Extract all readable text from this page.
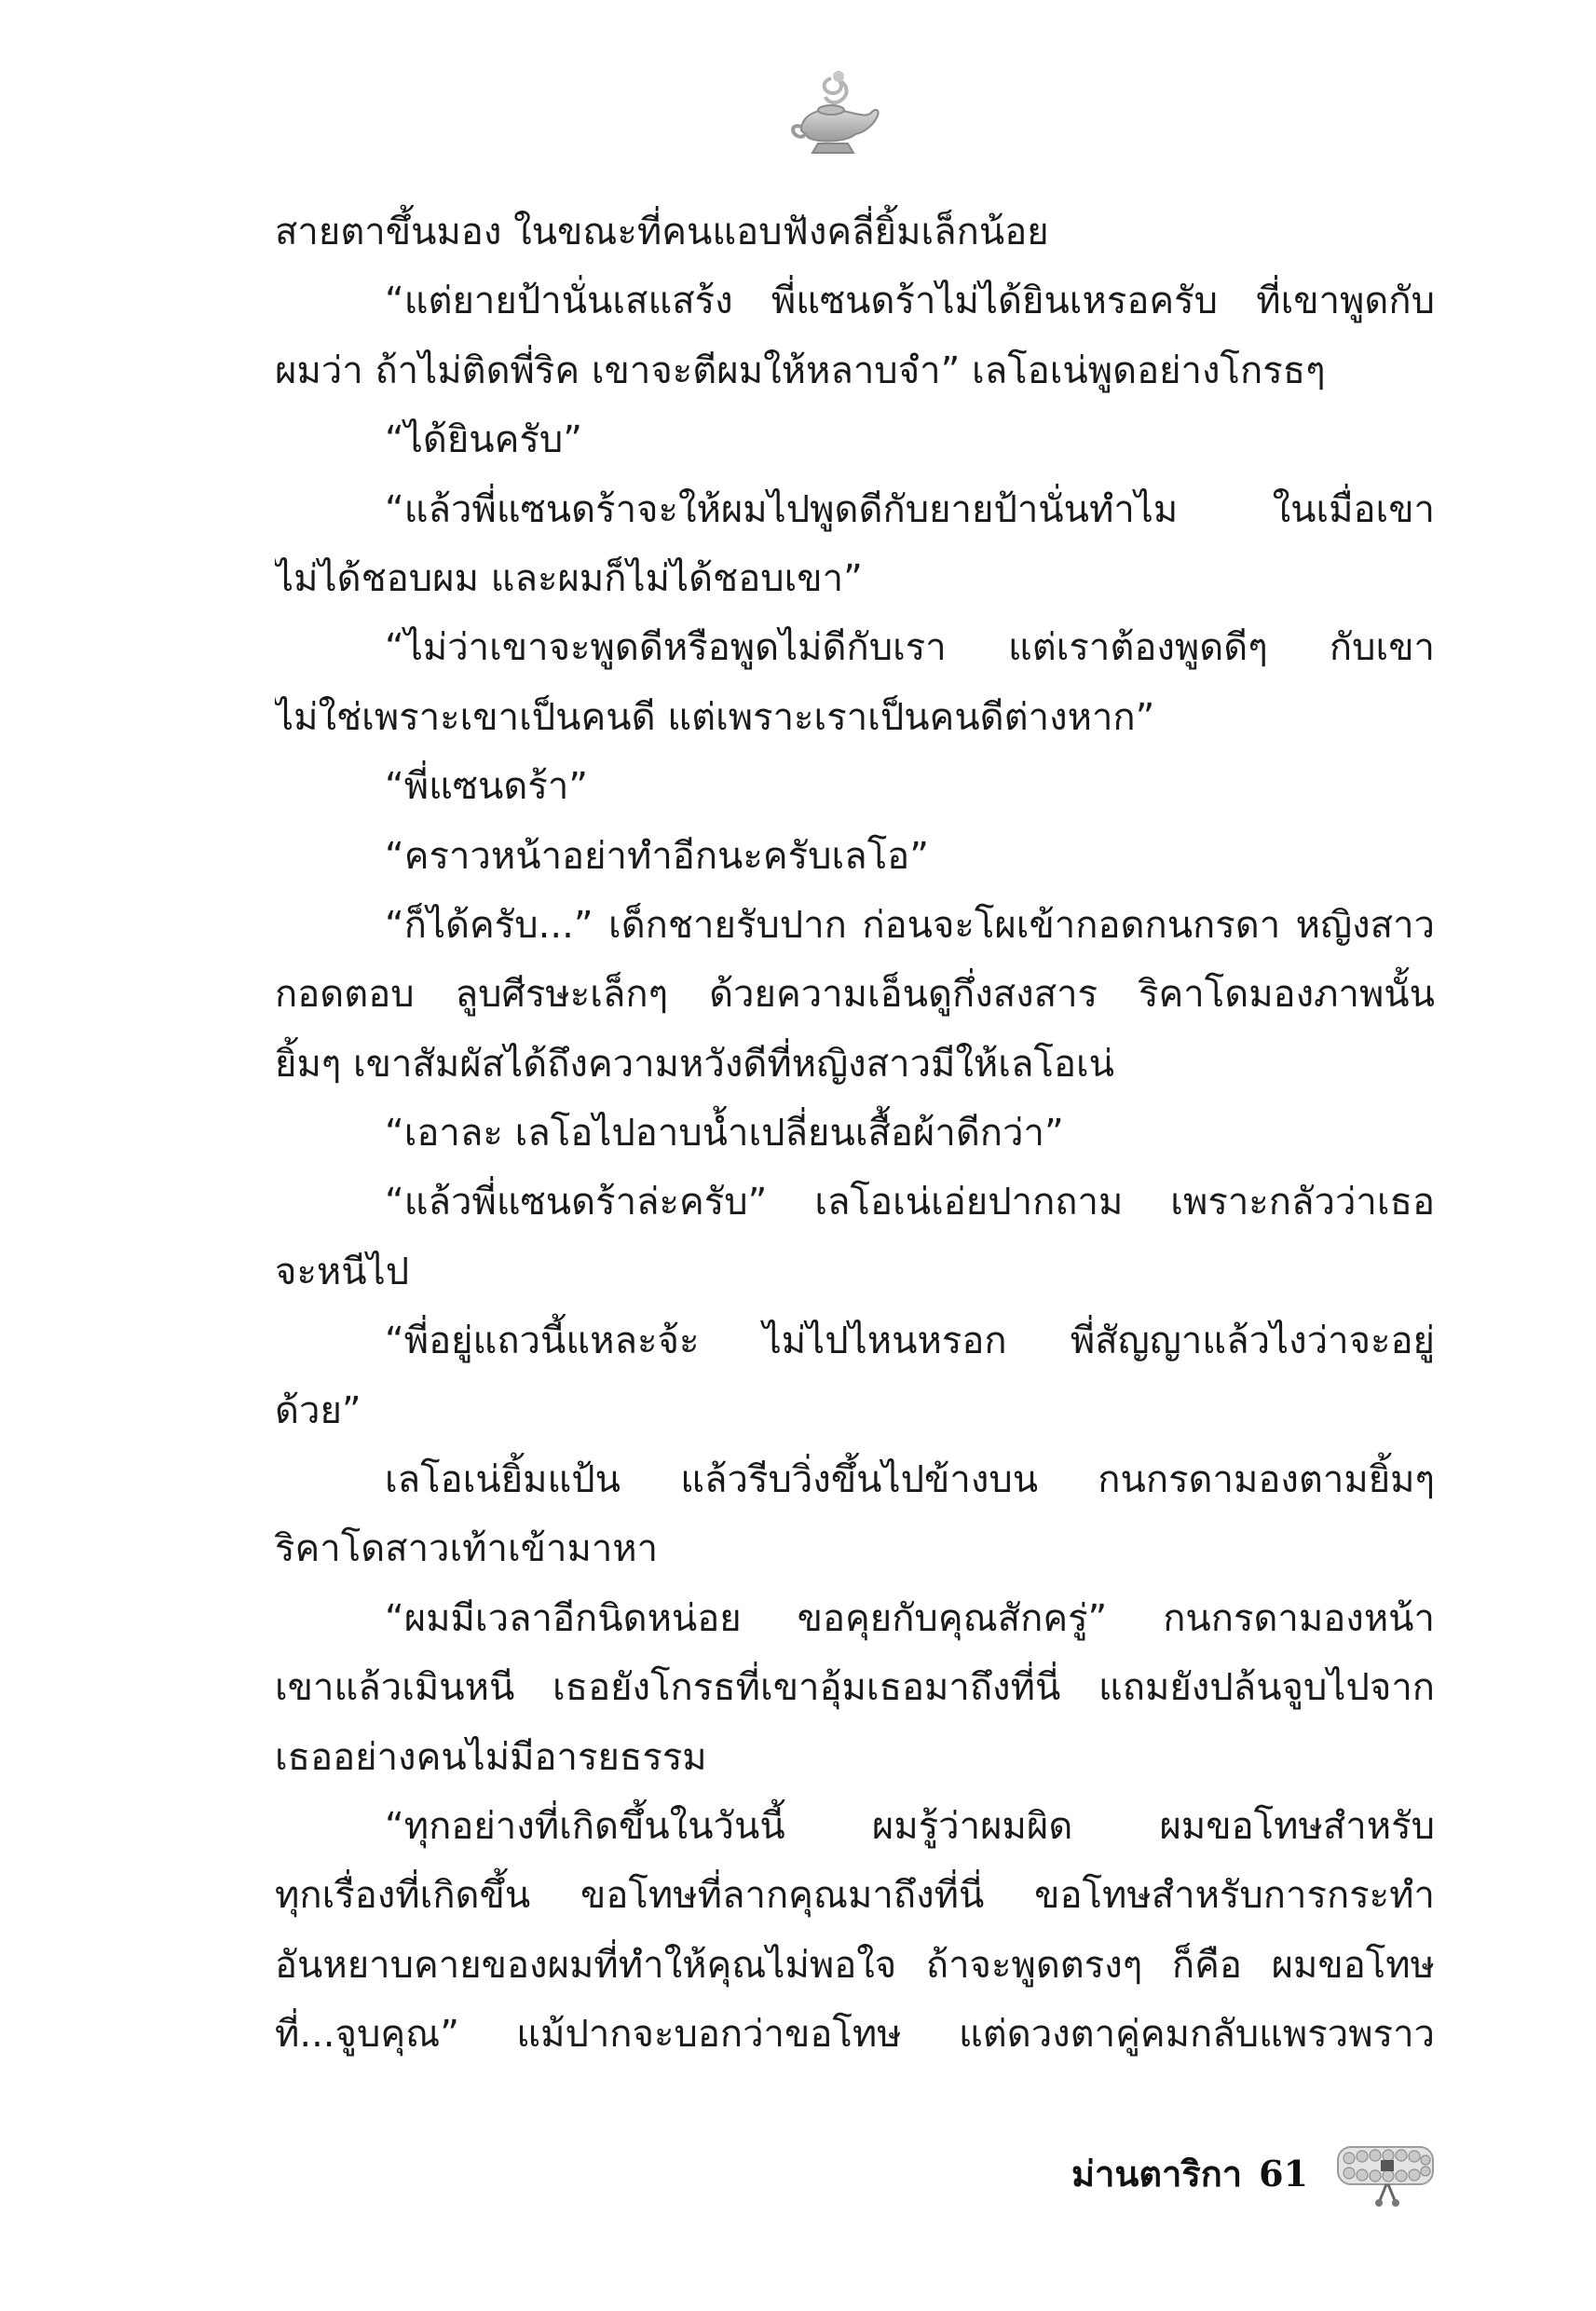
สายตาขึ้นมอง ในขณะที่คนแอบฟังคลี่ยิ้มเล็กน้อย
“แต่ยายป้านั่นเสแสร้ง พี่แซนดร้าไม่ได้ยินเหรอครับ ที่เขาพูดกับ
ผมว่า ถ้าไม่ติดพี่ริค เขาจะตีผมให้หลาบจำ” เลโอเน่พูดอย่างโกรธๆ
“ได้ยินครับ”
“แล้วพี่แซนดร้าจะให้ผมไปพูดดีกับยายป้านั่นทำไม ในเมื่อเขา
ไม่ได้ชอบผม และผมก็ไม่ได้ชอบเขา”
“ไม่ว่าเขาจะพูดดีหรือพูดไม่ดีกับเรา แต่เราต้องพูดดีๆ กับเขา
ไม่ใช่เพราะเขาเป็นคนดี แต่เพราะเราเป็นคนดีต่างหาก”
“พี่แซนดร้า”
“คราวหน้าอย่าทำอีกนะครับเลโอ”
“ก็ได้ครับ...” เด็กชายรับปาก ก่อนจะโผเข้ากอดกนกรดา หญิงสาว
กอดตอบ ลูบศีรษะเล็กๆ ด้วยความเอ็นดูกึ่งสงสาร ริคาโดมองภาพนั้น
ยิ้มๆ เขาสัมผัสได้ถึงความหวังดีที่หญิงสาวมีให้เลโอเน่
“เอาละ เลโอไปอาบน้ำเปลี่ยนเสื้อผ้าดีกว่า”
“แล้วพี่แซนดร้าล่ะครับ” เลโอเน่เอ่ยปากถาม เพราะกลัวว่าเธอ
จะหนีไป
“พี่อยู่แถวนี้แหละจ้ะ ไม่ไปไหนหรอก พี่สัญญาแล้วไงว่าจะอยู่
ด้วย”
เลโอเน่ยิ้มแป้น แล้วรีบวิ่งขึ้นไปข้างบน กนกรดามองตามยิ้มๆ
ริคาโดสาวเท้าเข้ามาหา
“ผมมีเวลาอีกนิดหน่อย ขอคุยกับคุณสักครู่” กนกรดามองหน้า
เขาแล้วเมินหนี เธอยังโกรธที่เขาอุ้มเธอมาถึงที่นี่ แถมยังปล้นจูบไปจาก
เธออย่างคนไม่มีอารยธรรม
“ทุกอย่างที่เกิดขึ้นในวันนี้ ผมรู้ว่าผมผิด ผมขอโทษสำหรับ
ทุกเรื่องที่เกิดขึ้น ขอโทษที่ลากคุณมาถึงที่นี่ ขอโทษสำหรับการกระทำ
อันหยาบคายของผมที่ทำให้คุณไม่พอใจ ถ้าจะพูดตรงๆ ก็คือ ผมขอโทษ
ที่...จูบคุณ” แม้ปากจะบอกว่าขอโทษ แต่ดวงตาคู่คมกลับแพรวพราว
ม่านตาริกา 61
